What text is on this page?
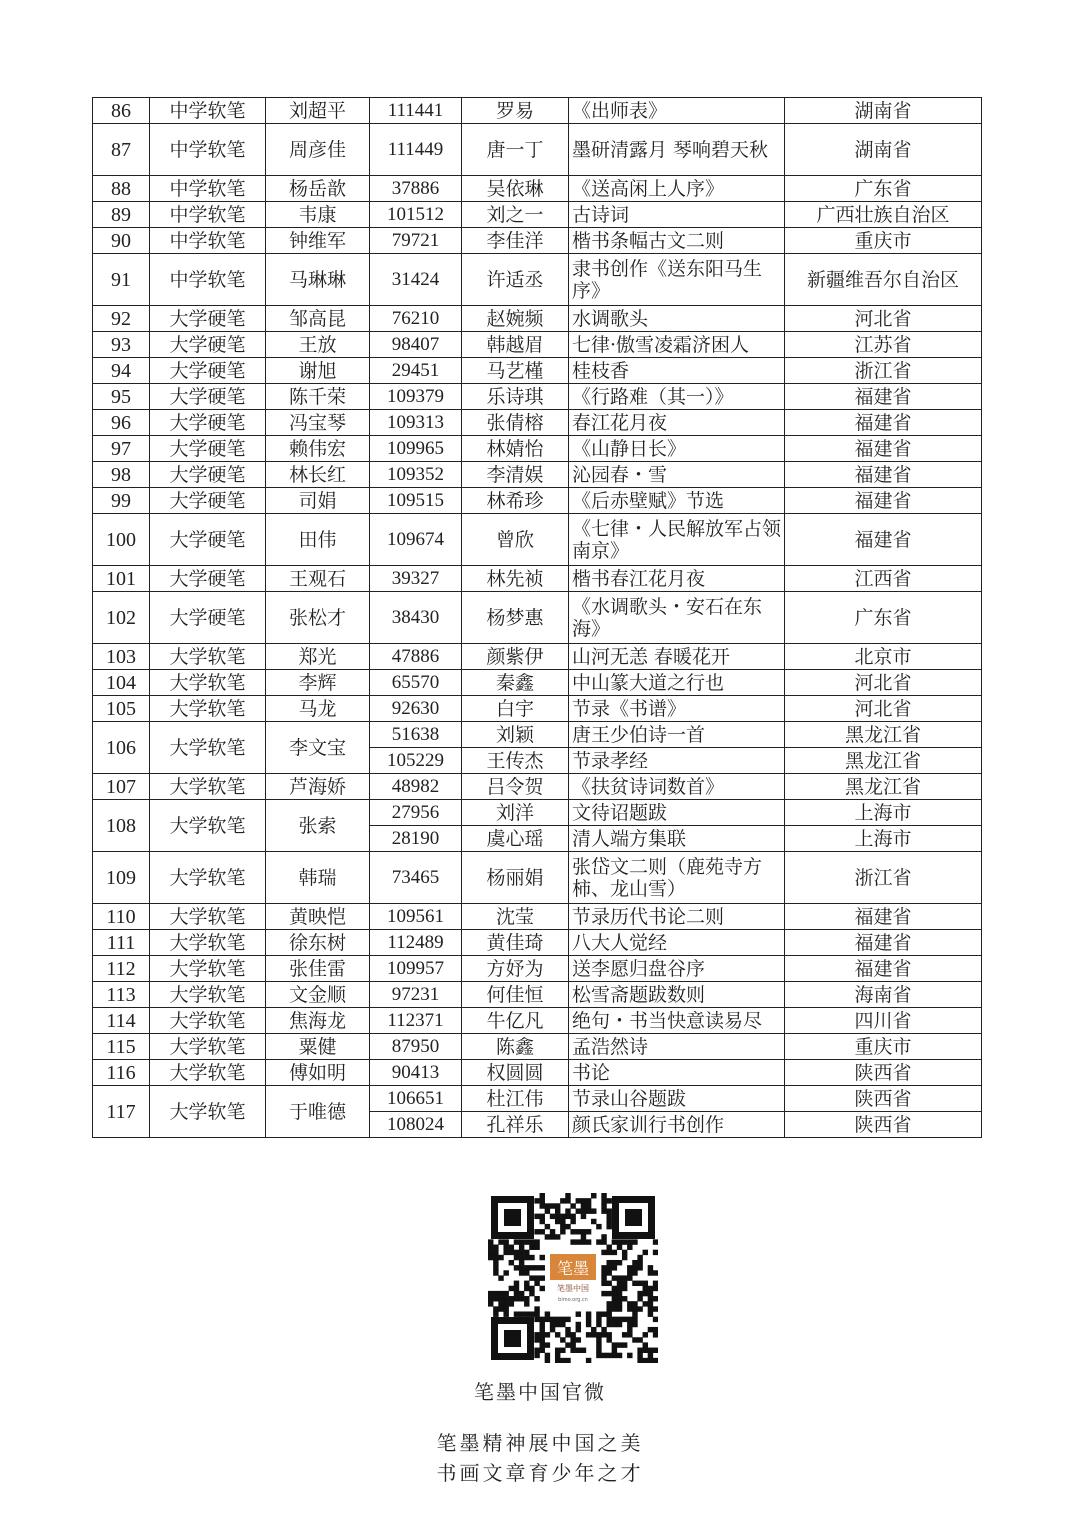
86	中学软笔	刘超平	111441	罗易	《出师表》	湖南省
87	中学软笔	周彦佳	111449	唐一丁	墨研清露月 琴响碧天秋	湖南省
88	中学软笔	杨岳歆	37886	吴依琳	《送高闲上人序》	广东省
89	中学软笔	韦康	101512	刘之一	古诗词	广西壮族自治区
90	中学软笔	钟维军	79721	李佳洋	楷书条幅古文二则	重庆市
91	中学软笔	马琳琳	31424	许适丞	隶书创作《送东阳马生序》	新疆维吾尔自治区
92	大学硬笔	邹高昆	76210	赵婉频	水调歌头	河北省
93	大学硬笔	王放	98407	韩越眉	七律·傲雪凌霜济困人	江苏省
94	大学硬笔	谢旭	29451	马艺槿	桂枝香	浙江省
95	大学硬笔	陈千荣	109379	乐诗琪	《行路难（其一）》	福建省
96	大学硬笔	冯宝琴	109313	张倩榕	春江花月夜	福建省
97	大学硬笔	赖伟宏	109965	林婧怡	《山静日长》	福建省
98	大学硬笔	林长红	109352	李清娱	沁园春・雪	福建省
99	大学硬笔	司娟	109515	林希珍	《后赤壁赋》节选	福建省
100	大学硬笔	田伟	109674	曾欣	《七律・人民解放军占领南京》	福建省
101	大学硬笔	王观石	39327	林先祯	楷书春江花月夜	江西省
102	大学硬笔	张松才	38430	杨梦惠	《水调歌头・安石在东海》	广东省
103	大学软笔	郑光	47886	颜紫伊	山河无恙 春暖花开	北京市
104	大学软笔	李辉	65570	秦鑫	中山篆大道之行也	河北省
105	大学软笔	马龙	92630	白宇	节录《书谱》	河北省
106	大学软笔	李文宝	51638	刘颖	唐王少伯诗一首	黑龙江省
			105229	王传杰	节录孝经	黑龙江省
107	大学软笔	芦海娇	48982	吕令贺	《扶贫诗词数首》	黑龙江省
108	大学软笔	张索	27956	刘洋	文待诏题跋	上海市
			28190	虞心瑶	清人端方集联	上海市
109	大学软笔	韩瑞	73465	杨丽娟	张岱文二则（鹿苑寺方柿、龙山雪）	浙江省
110	大学软笔	黄映恺	109561	沈莹	节录历代书论二则	福建省
111	大学软笔	徐东树	112489	黄佳琦	八大人觉经	福建省
112	大学软笔	张佳雷	109957	方妤为	送李愿归盘谷序	福建省
113	大学软笔	文金顺	97231	何佳恒	松雪斋题跋数则	海南省
114	大学软笔	焦海龙	112371	牛亿凡	绝句・书当快意读易尽	四川省
115	大学软笔	粟健	87950	陈鑫	孟浩然诗	重庆市
116	大学软笔	傅如明	90413	权圆圆	书论	陕西省
117	大学软笔	于唯德	106651	杜江伟	节录山谷题跋	陕西省
			108024	孔祥乐	颜氏家训行书创作	陕西省
笔墨
笔墨中国
bimo.org.cn
笔墨中国官微
笔墨精神展中国之美
书画文章育少年之才
